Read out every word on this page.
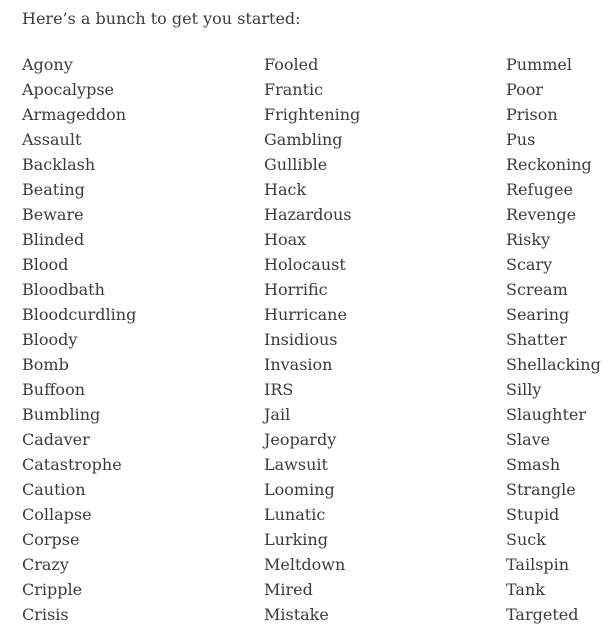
Here’s a bunch to get you started:

Agony
Apocalypse
Armageddon
Assault
Backlash
Beating
Beware
Blinded
Blood
Bloodbath
Bloodcurdling
Bloody
Bomb
Buffoon
Bumbling
Cadaver
Catastrophe
Caution
Collapse
Corpse
Crazy
Cripple
Crisis
Fooled
Frantic
Frightening
Gambling
Gullible
Hack
Hazardous
Hoax
Holocaust
Horrific
Hurricane
Insidious
Invasion
IRS
Jail
Jeopardy
Lawsuit
Looming
Lunatic
Lurking
Meltdown
Mired
Mistake
Pummel
Poor
Prison
Pus
Reckoning
Refugee
Revenge
Risky
Scary
Scream
Searing
Shatter
Shellacking
Silly
Slaughter
Slave
Smash
Strangle
Stupid
Suck
Tailspin
Tank
Targeted
